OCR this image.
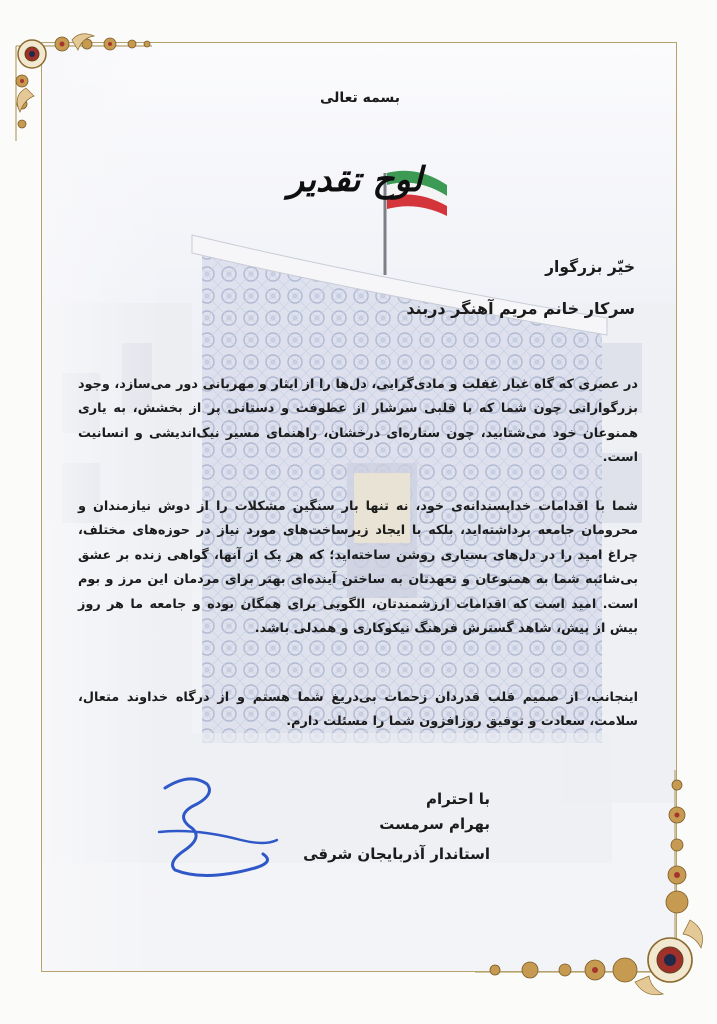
بسمه تعالی
لوح تقدیر
خیّر بزرگوار
سرکار خانم مریم آهنگر دربند
در عصری که گاه غبار غفلت و مادی‌گرایی، دل‌ها را از ایثار و مهربانی دور می‌سازد، وجود بزرگوارانی چون شما که با قلبی سرشار از عطوفت و دستانی پر از بخشش، به یاری همنوعان خود می‌شتابید، چون ستاره‌ای درخشان، راهنمای مسیر نیک‌اندیشی و انسانیت است.
شما با اقدامات خداپسندانه‌ی خود، نه تنها بار سنگین مشکلات را از دوش نیازمندان و محرومان جامعه برداشته‌اید، بلکه با ایجاد زیرساخت‌های مورد نیاز در حوزه‌های مختلف، چراغ امید را در دل‌های بسیاری روشن ساخته‌اید؛ که هر یک از آنها، گواهی زنده بر عشق بی‌شائبه شما به همنوعان و تعهدتان به ساختن آینده‌ای بهتر برای مردمان این مرز و بوم است. امید است که اقدامات ارزشمندتان، الگویی برای همگان بوده و جامعه ما هر روز بیش از پیش، شاهد گسترش فرهنگ نیکوکاری و همدلی باشد.
اینجانب، از صمیم قلب قدردان زحمات بی‌دریغ شما هستم و از درگاه خداوند متعال، سلامت، سعادت و توفیق روزافزون شما را مسئلت دارم.
با احترام
بهرام سرمست
استاندار آذربایجان شرقی
